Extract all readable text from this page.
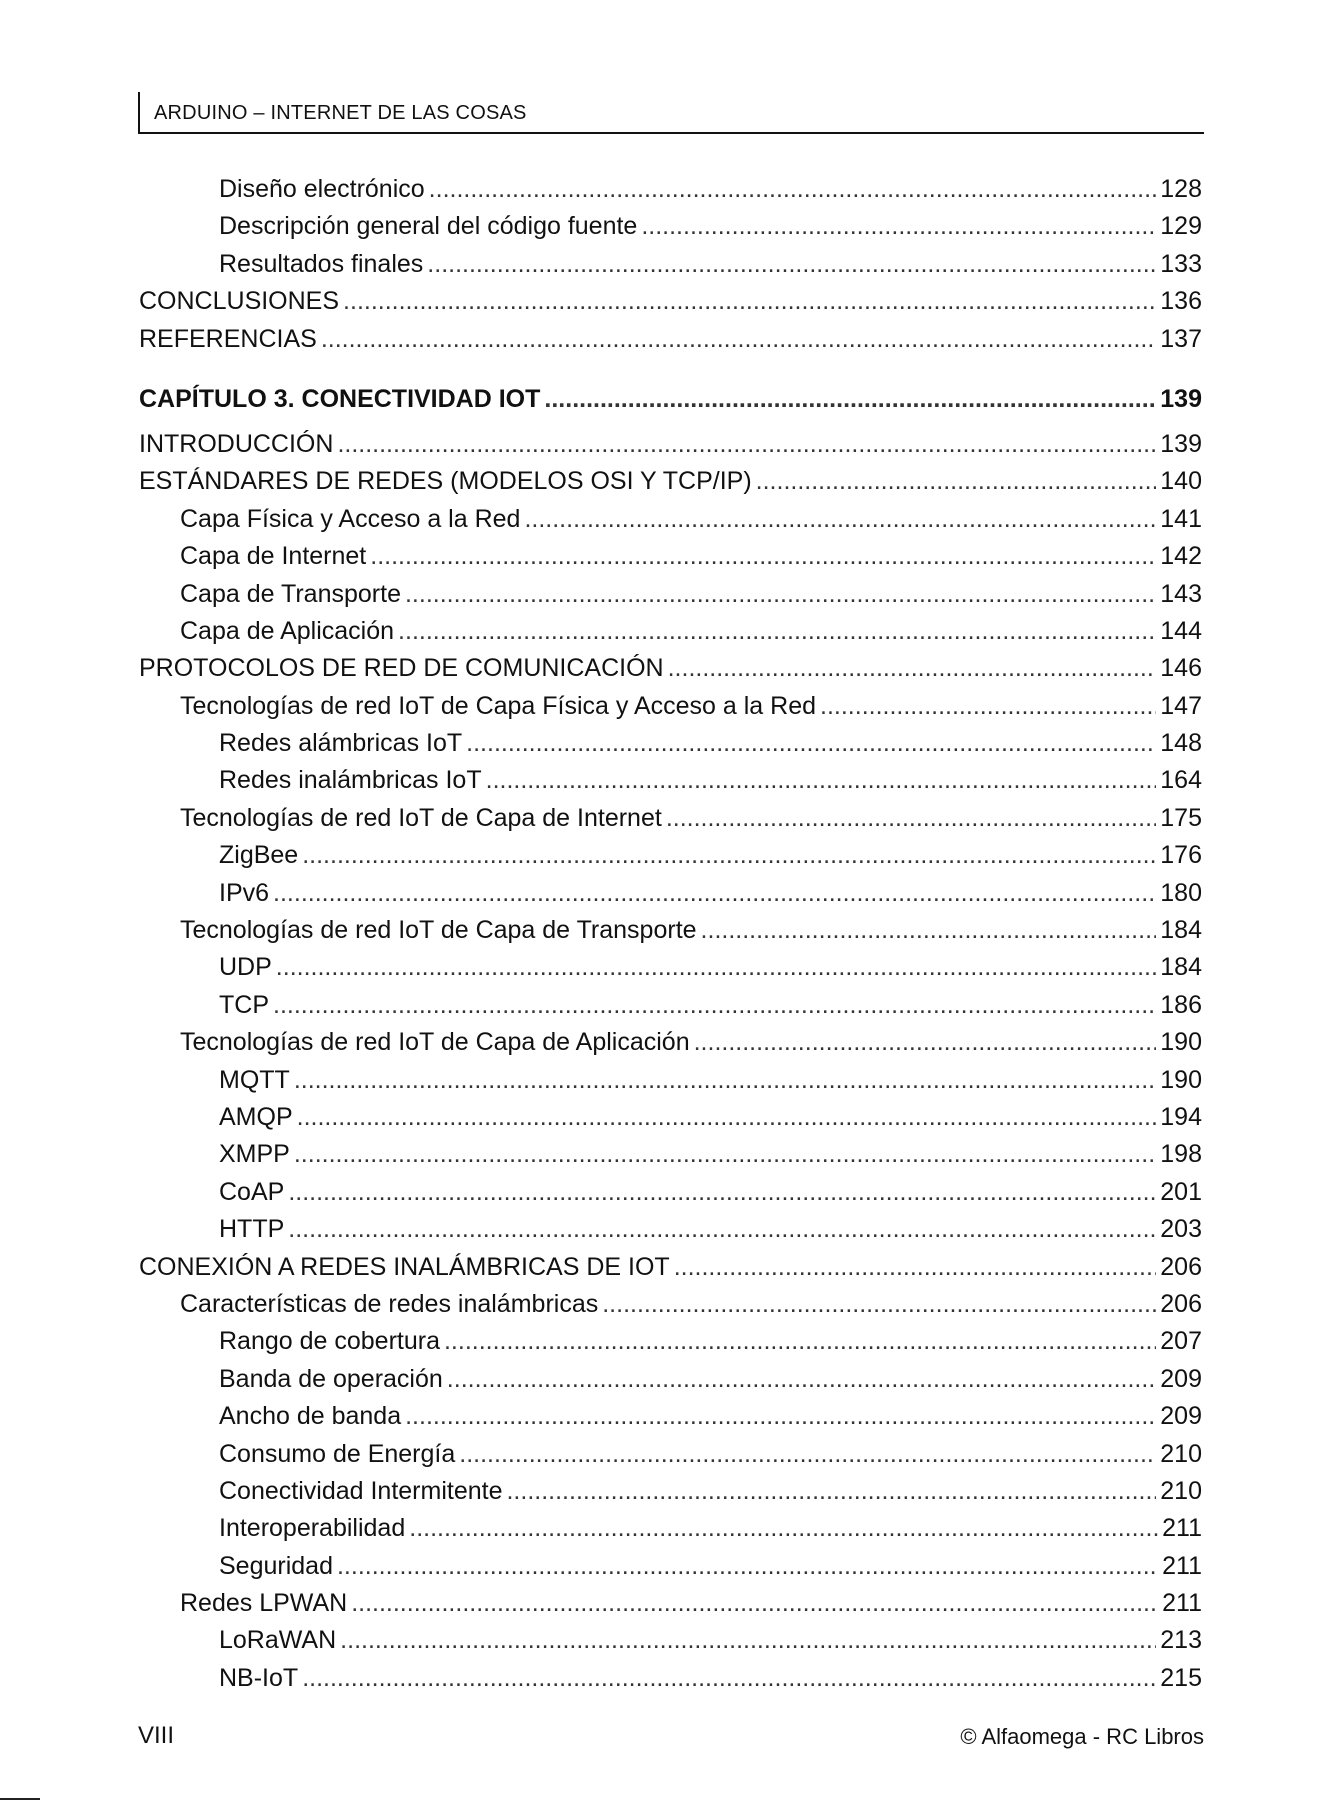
ARDUINO – INTERNET DE LAS COSAS
Diseño electrónico .....	128
Descripción general del código fuente .....	129
Resultados finales .....	133
CONCLUSIONES .....	136
REFERENCIAS .....	137
CAPÍTULO 3. CONECTIVIDAD IOT .....	139
INTRODUCCIÓN .....	139
ESTÁNDARES DE REDES (MODELOS OSI Y TCP/IP) .....	140
Capa Física y Acceso a la Red .....	141
Capa de Internet .....	142
Capa de Transporte .....	143
Capa de Aplicación .....	144
PROTOCOLOS DE RED DE COMUNICACIÓN .....	146
Tecnologías de red IoT de Capa Física y Acceso a la Red .....	147
Redes alámbricas IoT .....	148
Redes inalámbricas IoT .....	164
Tecnologías de red IoT de Capa de Internet .....	175
ZigBee .....	176
IPv6 .....	180
Tecnologías de red IoT de Capa de Transporte .....	184
UDP .....	184
TCP .....	186
Tecnologías de red IoT de Capa de Aplicación .....	190
MQTT .....	190
AMQP .....	194
XMPP .....	198
CoAP .....	201
HTTP .....	203
CONEXIÓN A REDES INALÁMBRICAS DE IOT .....	206
Características de redes inalámbricas .....	206
Rango de cobertura .....	207
Banda de operación .....	209
Ancho de banda .....	209
Consumo de Energía .....	210
Conectividad Intermitente .....	210
Interoperabilidad .....	211
Seguridad .....	211
Redes LPWAN .....	211
LoRaWAN .....	213
NB-IoT .....	215
VIII	© Alfaomega - RC Libros
